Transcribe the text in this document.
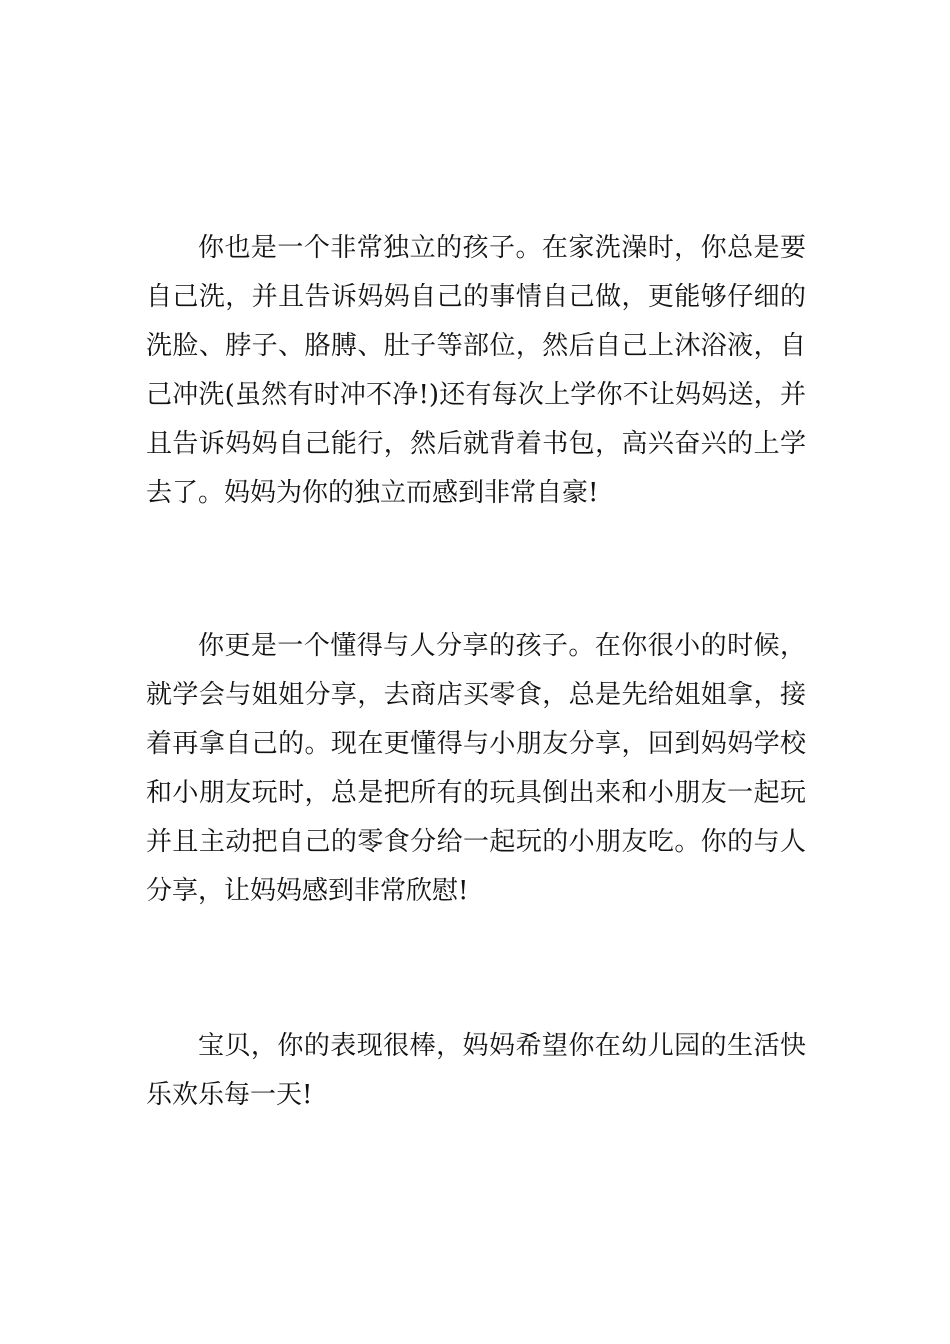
你也是一个非常独立的孩子。在家洗澡时，你总是要自己洗，并且告诉妈妈自己的事情自己做，更能够仔细的洗脸、脖子、胳膊、肚子等部位，然后自己上沐浴液，自己冲洗(虽然有时冲不净!)还有每次上学你不让妈妈送，并且告诉妈妈自己能行，然后就背着书包，高兴奋兴的上学去了。妈妈为你的独立而感到非常自豪!

你更是一个懂得与人分享的孩子。在你很小的时候，就学会与姐姐分享，去商店买零食，总是先给姐姐拿，接着再拿自己的。现在更懂得与小朋友分享，回到妈妈学校和小朋友玩时，总是把所有的玩具倒出来和小朋友一起玩并且主动把自己的零食分给一起玩的小朋友吃。你的与人分享，让妈妈感到非常欣慰!

宝贝，你的表现很棒，妈妈希望你在幼儿园的生活快乐欢乐每一天!
